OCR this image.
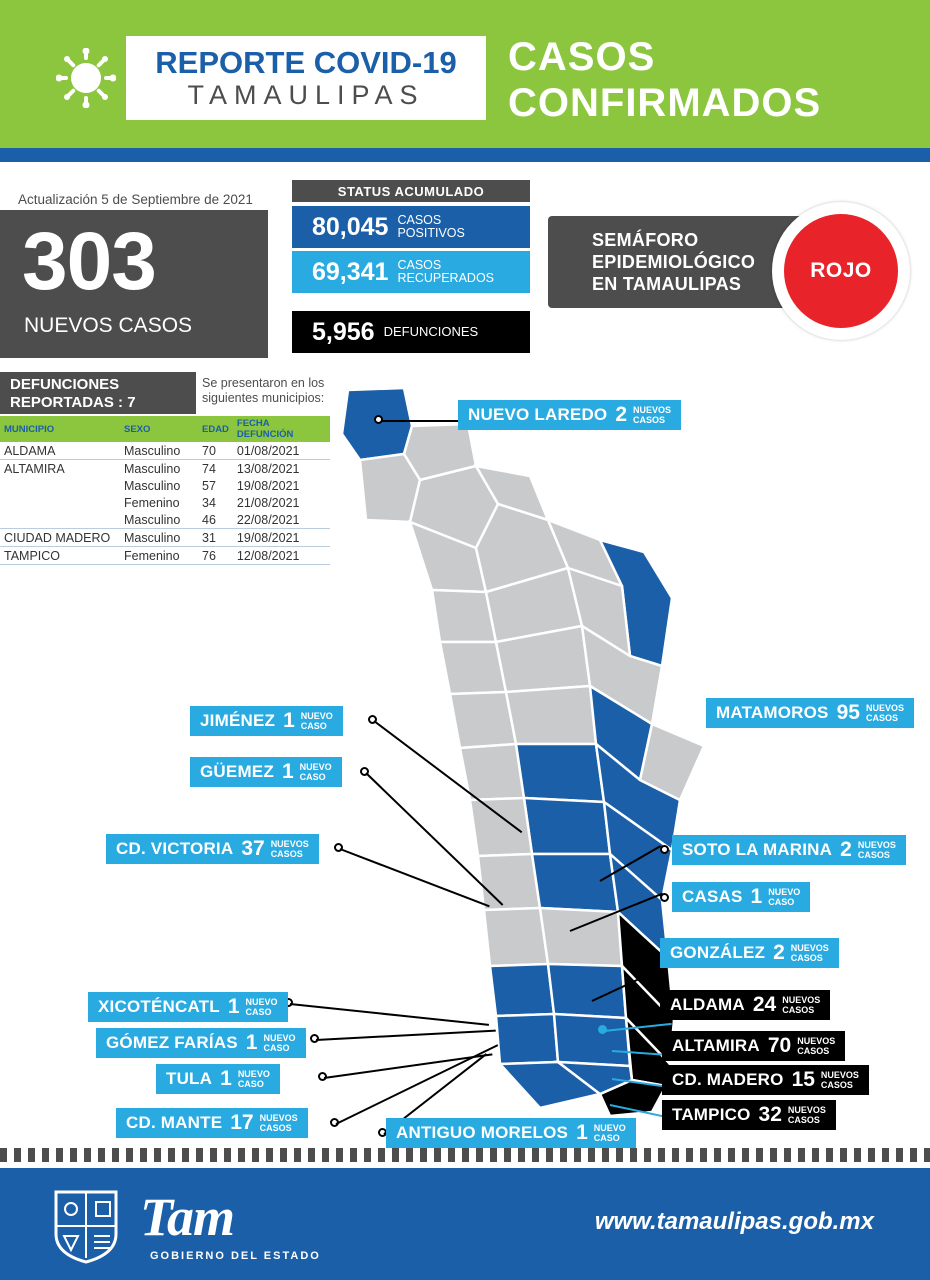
REPORTE COVID-19
TAMAULIPAS
CASOS
CONFIRMADOS
Actualización 5 de Septiembre de 2021
303
NUEVOS CASOS
STATUS ACUMULADO
80,045 CASOS
POSITIVOS
69,341 CASOS
RECUPERADOS
5,956 DEFUNCIONES
SEMÁFORO
EPIDEMIOLÓGICO
EN TAMAULIPAS
ROJO
DEFUNCIONES
REPORTADAS : 7
Se presentaron en los
siguientes municipios:
MUNICIPIO	SEXO	EDAD	FECHA DEFUNCIÓN
ALDAMA	Masculino	70	01/08/2021
ALTAMIRA	Masculino	74	13/08/2021
	Masculino	57	19/08/2021
	Femenino	34	21/08/2021
	Masculino	46	22/08/2021
CIUDAD MADERO	Masculino	31	19/08/2021
TAMPICO	Femenino	76	12/08/2021
NUEVO LAREDO 2 NUEVOS
CASOS
MATAMOROS 95 NUEVOS
CASOS
JIMÉNEZ 1 NUEVO
CASO
GÜEMEZ 1 NUEVO
CASO
CD. VICTORIA 37 NUEVOS
CASOS	SOTO LA MARINA 2 NUEVOS
CASOS
CASAS 1 NUEVO
CASO
GONZÁLEZ 2 NUEVOS
CASOS
XICOTÉNCATL 1 NUEVO
CASO
GÓMEZ FARÍAS 1 NUEVO
CASO
TULA 1 NUEVO
CASO
CD. MANTE 17 NUEVOS
CASOS	ANTIGUO MORELOS 1 NUEVO
CASO
ALDAMA 24 NUEVOS
CASOS
ALTAMIRA 70 NUEVOS
CASOS
CD. MADERO 15 NUEVOS
CASOS
TAMPICO 32 NUEVOS
CASOS
Tam
GOBIERNO DEL ESTADO
www.tamaulipas.gob.mx
